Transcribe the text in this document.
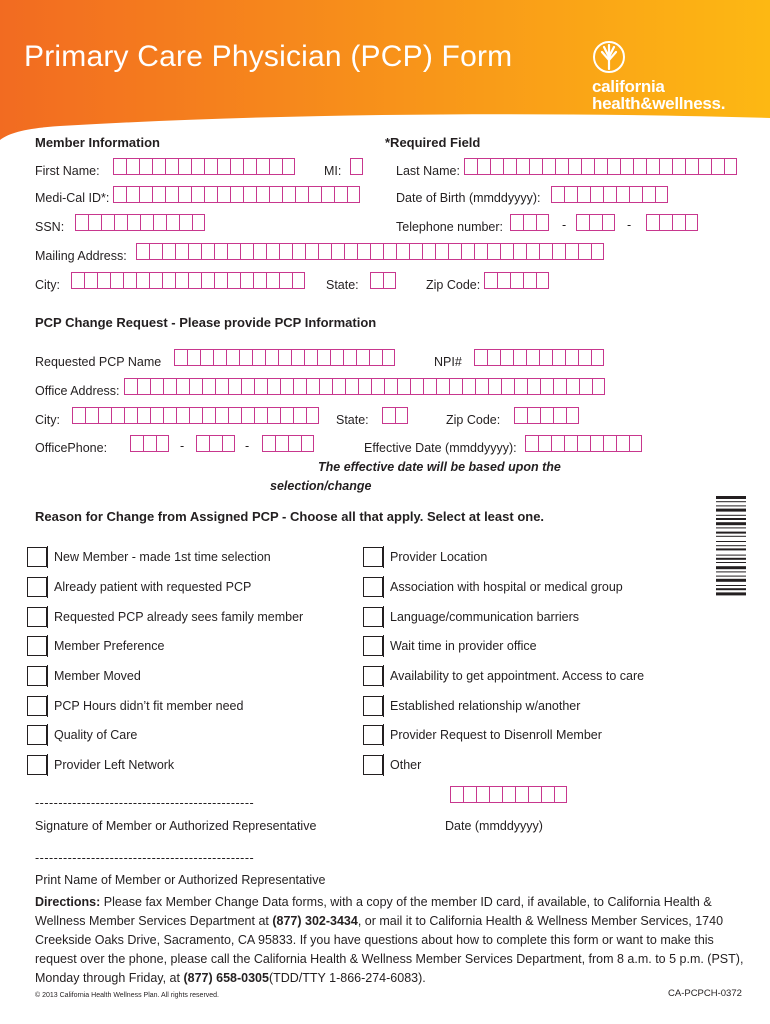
Primary Care Physician (PCP) Form
california
health&wellness.
Member Information	*Required Field
First Name:	MI:	Last Name:
Medi-Cal ID*:	Date of Birth (mmddyyyy):
SSN:	Telephone number:	-	-
Mailing Address:
City:	State:	Zip Code:
PCP Change Request - Please provide PCP Information
Requested PCP Name	NPI#
Office Address:
City:	State:	Zip Code:
OfficePhone:	-	-	Effective Date (mmddyyyy):
The effective date will be based upon the
selection/change
Reason for Change from Assigned PCP - Choose all that apply. Select at least one.
New Member - made 1st time selection
Already patient with requested PCP
Requested PCP already sees family member
Member Preference
Member Moved
PCP Hours didn’t fit member need
Quality of Care
Provider Left Network
Provider Location
Association with hospital or medical group
Language/communication barriers
Wait time in provider office
Availability to get appointment. Access to care
Established relationship w/another
Provider Request to Disenroll Member
Other
-----------------------------------------------
Signature of Member or Authorized Representative	Date (mmddyyyy)
-----------------------------------------------
Print Name of Member or Authorized Representative
Directions: Please fax Member Change Data forms, with a copy of the member ID card, if available, to California Health & Wellness Member Services Department at (877) 302-3434, or mail it to California Health & Wellness Member Services, 1740 Creekside Oaks Drive, Sacramento, CA 95833. If you have questions about how to complete this form or want to make this request over the phone, please call the California Health & Wellness Member Services Department, from 8 a.m. to 5 p.m. (PST), Monday through Friday, at (877) 658-0305(TDD/TTY 1-866-274-6083).
© 2013 California Health Wellness Plan. All rights reserved.	CA-PCPCH-0372
